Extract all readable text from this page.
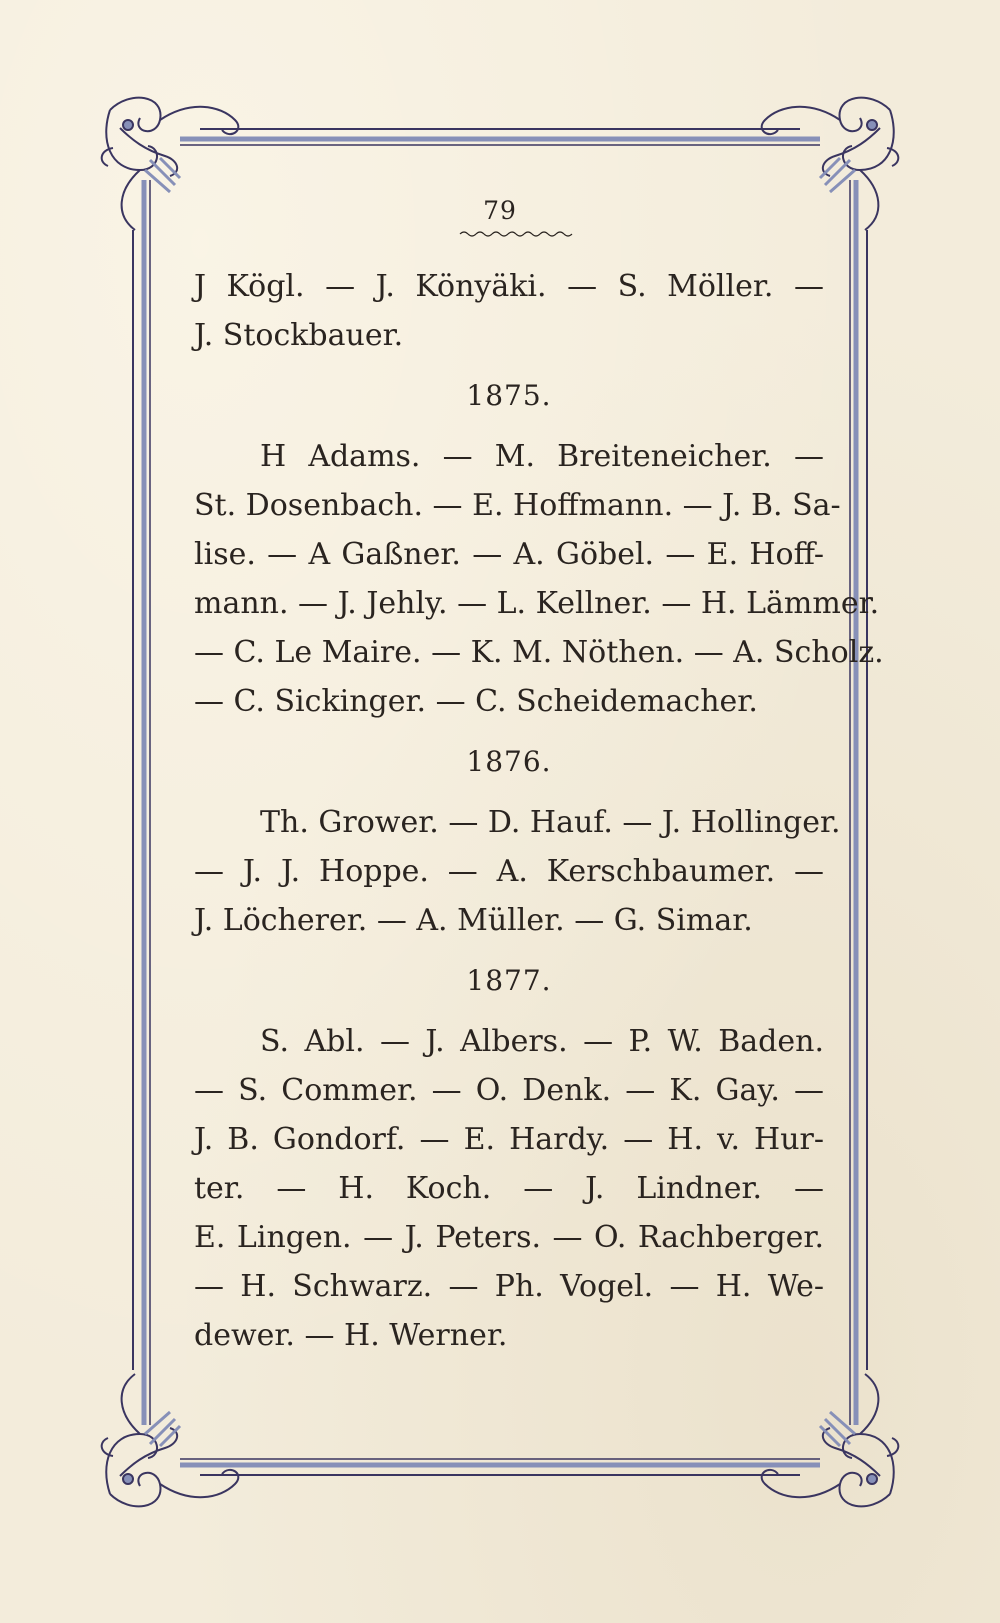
79

J Kögl. — J. Könyäki. — S. Möller. —

J. Stockbauer.

1875.

H Adams. — M. Breiteneicher. —

St. Dosenbach. — E. Hoffmann. — J. B. Sa-

lise. — A Gaßner. — A. Göbel. — E. Hoff-

mann. — J. Jehly. — L. Kellner. — H. Lämmer.

— C. Le Maire. — K. M. Nöthen. — A. Scholz.

— C. Sickinger. — C. Scheidemacher.

1876.

Th. Grower. — D. Hauf. — J. Hollinger.

— J. J. Hoppe. — A. Kerschbaumer. —

J. Löcherer. — A. Müller. — G. Simar.

1877.

S. Abl. — J. Albers. — P. W. Baden.

— S. Commer. — O. Denk. — K. Gay. —

J. B. Gondorf. — E. Hardy. — H. v. Hur-

ter. — H. Koch. — J. Lindner. —

E. Lingen. — J. Peters. — O. Rachberger.

— H. Schwarz. — Ph. Vogel. — H. We-

dewer. — H. Werner.
